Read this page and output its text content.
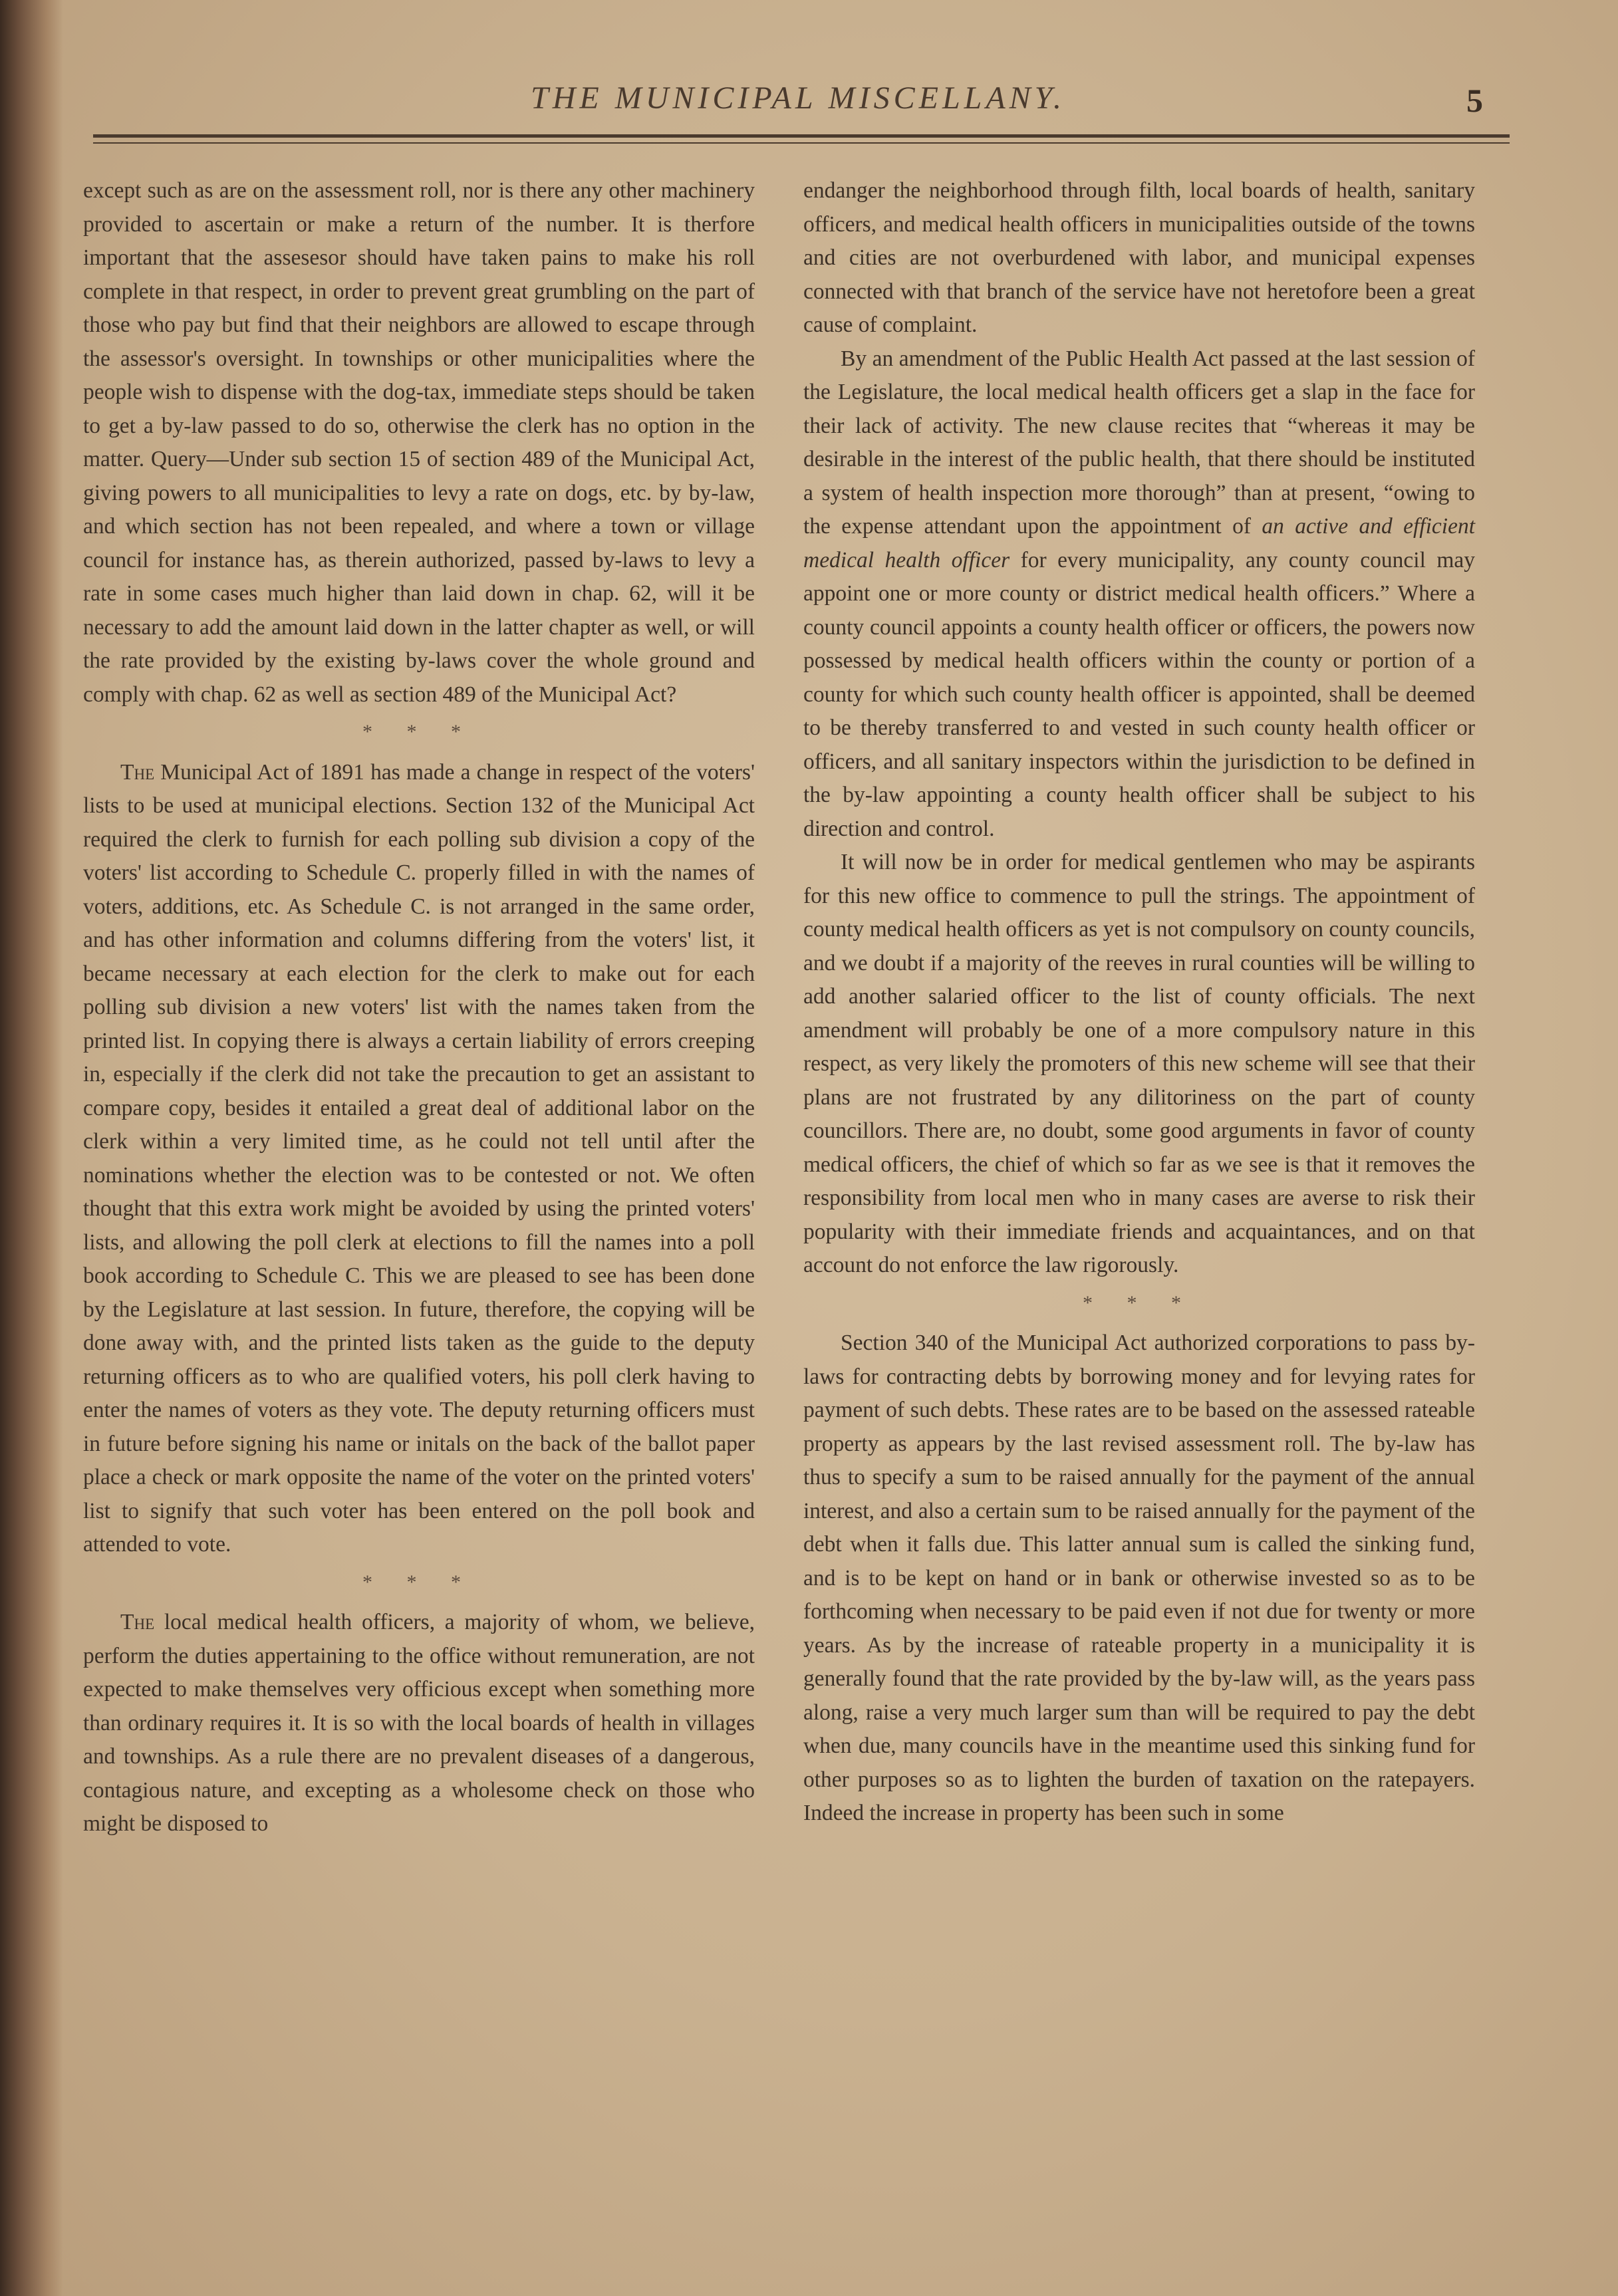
THE MUNICIPAL MISCELLANY.	5

except such as are on the assessment roll, nor is there any other machinery provided to ascertain or make a return of the number. It is therfore important that the assesesor should have taken pains to make his roll complete in that respect, in order to prevent great grumbling on the part of those who pay but find that their neighbors are allowed to escape through the assessor's oversight. In townships or other municipalities where the people wish to dispense with the dog-tax, immediate steps should be taken to get a by-law passed to do so, otherwise the clerk has no option in the matter. Query—Under sub section 15 of section 489 of the Municipal Act, giving powers to all municipalities to levy a rate on dogs, etc. by by-law, and which section has not been repealed, and where a town or village council for instance has, as therein authorized, passed by-laws to levy a rate in some cases much higher than laid down in chap. 62, will it be necessary to add the amount laid down in the latter chapter as well, or will the rate provided by the existing by-laws cover the whole ground and comply with chap. 62 as well as section 489 of the Municipal Act?

* * *

The Municipal Act of 1891 has made a change in respect of the voters' lists to be used at municipal elections. Section 132 of the Municipal Act required the clerk to furnish for each polling sub division a copy of the voters' list according to Schedule C. properly filled in with the names of voters, additions, etc. As Schedule C. is not arranged in the same order, and has other information and columns differing from the voters' list, it became necessary at each election for the clerk to make out for each polling sub division a new voters' list with the names taken from the printed list. In copying there is always a certain liability of errors creeping in, especially if the clerk did not take the precaution to get an assistant to compare copy, besides it entailed a great deal of additional labor on the clerk within a very limited time, as he could not tell until after the nominations whether the election was to be contested or not. We often thought that this extra work might be avoided by using the printed voters' lists, and allowing the poll clerk at elections to fill the names into a poll book according to Schedule C. This we are pleased to see has been done by the Legislature at last session. In future, therefore, the copying will be done away with, and the printed lists taken as the guide to the deputy returning officers as to who are qualified voters, his poll clerk having to enter the names of voters as they vote. The deputy returning officers must in future before signing his name or initals on the back of the ballot paper place a check or mark opposite the name of the voter on the printed voters' list to signify that such voter has been entered on the poll book and attended to vote.

* * *

The local medical health officers, a majority of whom, we believe, perform the duties appertaining to the office without remuneration, are not expected to make themselves very officious except when something more than ordinary requires it. It is so with the local boards of health in villages and townships. As a rule there are no prevalent diseases of a dangerous, contagious nature, and excepting as a wholesome check on those who might be disposed to

endanger the neighborhood through filth, local boards of health, sanitary officers, and medical health officers in municipalities outside of the towns and cities are not overburdened with labor, and municipal expenses connected with that branch of the service have not heretofore been a great cause of complaint.

By an amendment of the Public Health Act passed at the last session of the Legislature, the local medical health officers get a slap in the face for their lack of activity. The new clause recites that “whereas it may be desirable in the interest of the public health, that there should be instituted a system of health inspection more thorough” than at present, “owing to the expense attendant upon the appointment of an active and efficient medical health officer for every municipality, any county council may appoint one or more county or district medical health officers.” Where a county council appoints a county health officer or officers, the powers now possessed by medical health officers within the county or portion of a county for which such county health officer is appointed, shall be deemed to be thereby transferred to and vested in such county health officer or officers, and all sanitary inspectors within the jurisdiction to be defined in the by-law appointing a county health officer shall be subject to his direction and control.

It will now be in order for medical gentlemen who may be aspirants for this new office to commence to pull the strings. The appointment of county medical health officers as yet is not compulsory on county councils, and we doubt if a majority of the reeves in rural counties will be willing to add another salaried officer to the list of county officials. The next amendment will probably be one of a more compulsory nature in this respect, as very likely the promoters of this new scheme will see that their plans are not frustrated by any dilitoriness on the part of county councillors. There are, no doubt, some good arguments in favor of county medical officers, the chief of which so far as we see is that it removes the responsibility from local men who in many cases are averse to risk their popularity with their immediate friends and acquaintances, and on that account do not enforce the law rigorously.

* * *

Section 340 of the Municipal Act authorized corporations to pass by-laws for contracting debts by borrowing money and for levying rates for payment of such debts. These rates are to be based on the assessed rateable property as appears by the last revised assessment roll. The by-law has thus to specify a sum to be raised annually for the payment of the annual interest, and also a certain sum to be raised annually for the payment of the debt when it falls due. This latter annual sum is called the sinking fund, and is to be kept on hand or in bank or otherwise invested so as to be forthcoming when necessary to be paid even if not due for twenty or more years. As by the increase of rateable property in a municipality it is generally found that the rate provided by the by-law will, as the years pass along, raise a very much larger sum than will be required to pay the debt when due, many councils have in the meantime used this sinking fund for other purposes so as to lighten the burden of taxation on the ratepayers. Indeed the increase in property has been such in some
